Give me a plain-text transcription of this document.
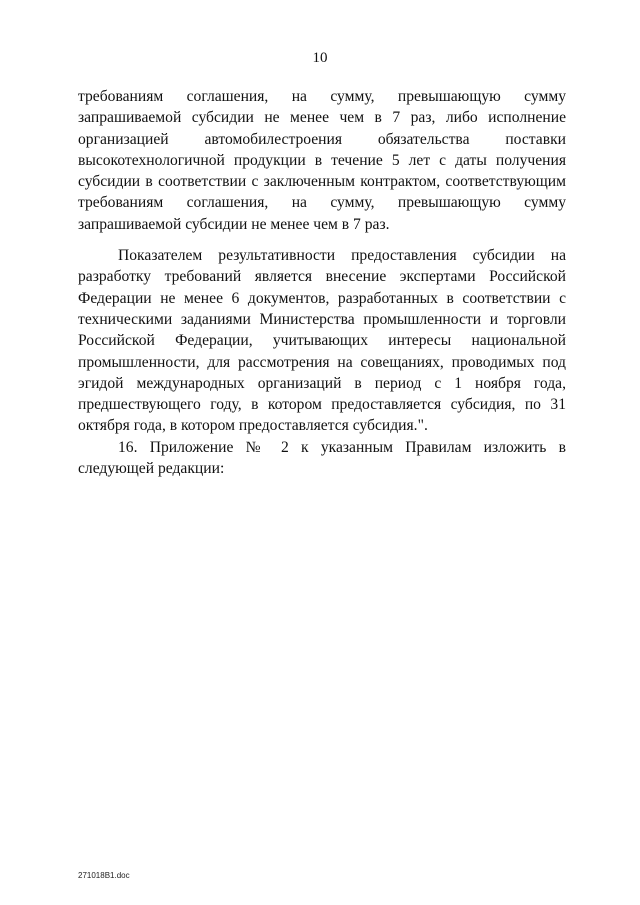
10

требованиям соглашения, на сумму, превышающую сумму запрашиваемой субсидии не менее чем в 7 раз, либо исполнение организацией автомобилестроения обязательства поставки высокотехнологичной продукции в течение 5 лет с даты получения субсидии в соответствии с заключенным контрактом, соответствующим требованиям соглашения, на сумму, превышающую сумму запрашиваемой субсидии не менее чем в 7 раз.

Показателем результативности предоставления субсидии на разработку требований является внесение экспертами Российской Федерации не менее 6 документов, разработанных в соответствии с техническими заданиями Министерства промышленности и торговли Российской Федерации, учитывающих интересы национальной промышленности, для рассмотрения на совещаниях, проводимых под эгидой международных организаций в период с 1 ноября года, предшествующего году, в котором предоставляется субсидия, по 31 октября года, в котором предоставляется субсидия.".

16. Приложение № 2 к указанным Правилам изложить в следующей редакции:

271018В1.doc
